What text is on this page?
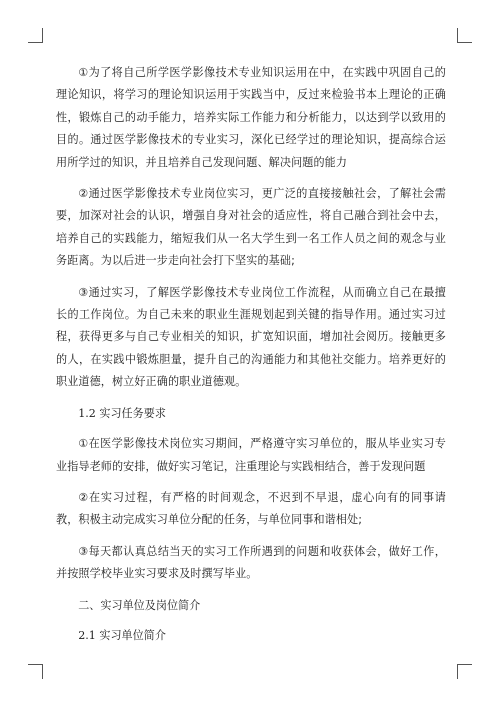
①为了将自己所学医学影像技术专业知识运用在中，在实践中巩固自己的理论知识，将学习的理论知识运用于实践当中，反过来检验书本上理论的正确性，锻炼自己的动手能力，培养实际工作能力和分析能力，以达到学以致用的目的。通过医学影像技术的专业实习，深化已经学过的理论知识，提高综合运用所学过的知识，并且培养自己发现问题、解决问题的能力

②通过医学影像技术专业岗位实习，更广泛的直接接触社会，了解社会需要，加深对社会的认识，增强自身对社会的适应性，将自己融合到社会中去，培养自己的实践能力，缩短我们从一名大学生到一名工作人员之间的观念与业务距离。为以后进一步走向社会打下坚实的基础;

③通过实习，了解医学影像技术专业岗位工作流程，从而确立自己在最擅长的工作岗位。为自己未来的职业生涯规划起到关键的指导作用。通过实习过程，获得更多与自己专业相关的知识，扩宽知识面，增加社会阅历。接触更多的人，在实践中锻炼胆量，提升自己的沟通能力和其他社交能力。培养更好的职业道德，树立好正确的职业道德观。

1.2 实习任务要求

①在医学影像技术岗位实习期间，严格遵守实习单位的，服从毕业实习专业指导老师的安排，做好实习笔记，注重理论与实践相结合，善于发现问题

②在实习过程，有严格的时间观念，不迟到不早退，虚心向有的同事请教，积极主动完成实习单位分配的任务，与单位同事和谐相处;

③每天都认真总结当天的实习工作所遇到的问题和收获体会，做好工作，并按照学校毕业实习要求及时撰写毕业。

二、实习单位及岗位简介

2.1 实习单位简介
